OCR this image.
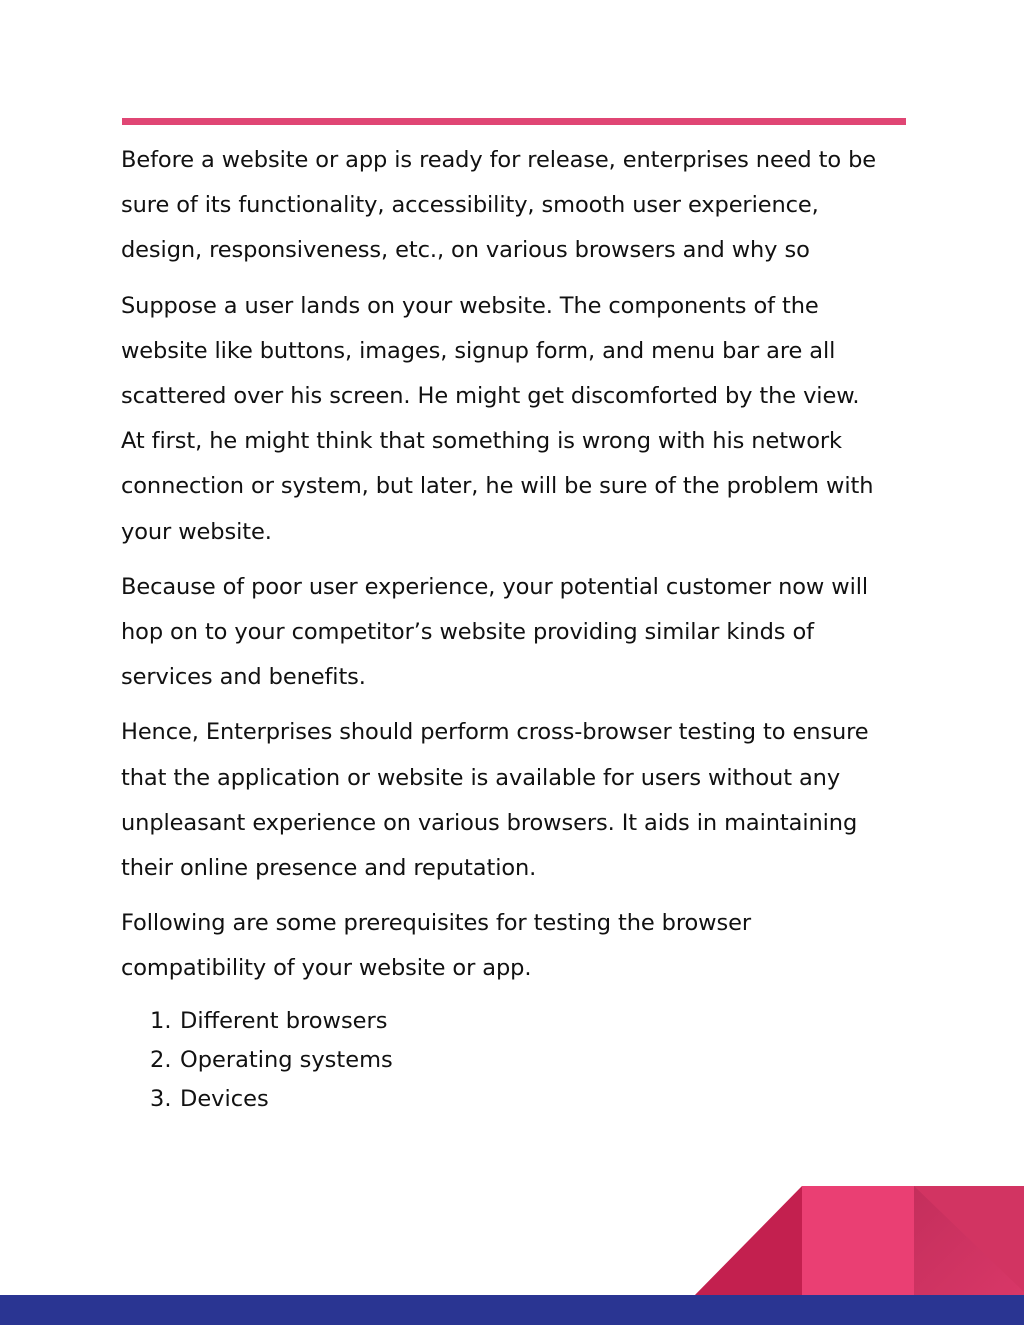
Before a website or app is ready for release, enterprises need to be
sure of its functionality, accessibility, smooth user experience,
design, responsiveness, etc., on various browsers and why so

Suppose a user lands on your website. The components of the
website like buttons, images, signup form, and menu bar are all
scattered over his screen. He might get discomforted by the view.
At first, he might think that something is wrong with his network
connection or system, but later, he will be sure of the problem with
your website.

Because of poor user experience, your potential customer now will
hop on to your competitor’s website providing similar kinds of
services and benefits.

Hence, Enterprises should perform cross-browser testing to ensure
that the application or website is available for users without any
unpleasant experience on various browsers. It aids in maintaining
their online presence and reputation.

Following are some prerequisites for testing the browser
compatibility of your website or app.

1. Different browsers
2. Operating systems
3. Devices
